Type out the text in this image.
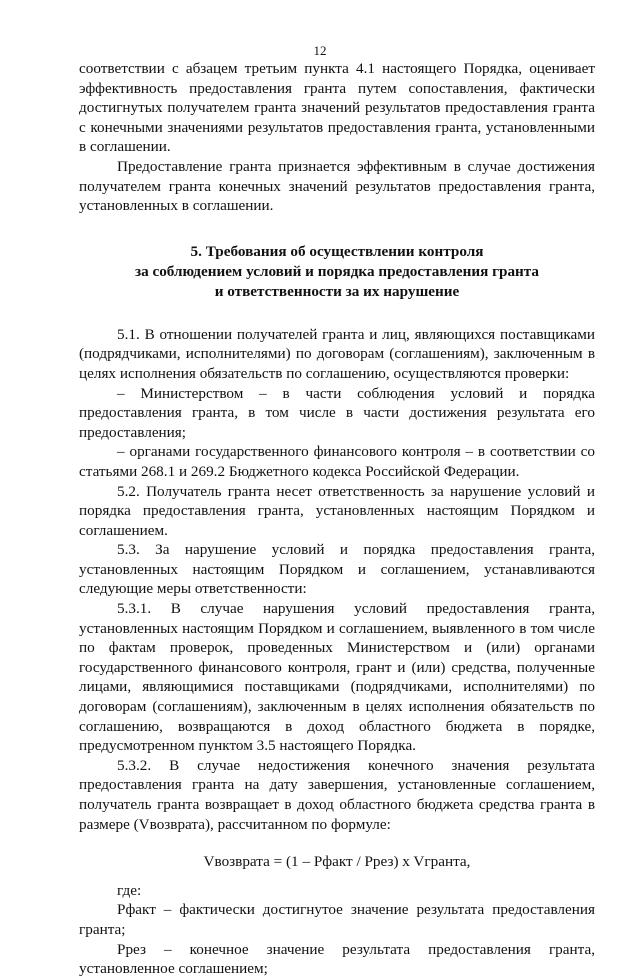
12

соответствии с абзацем третьим пункта 4.1 настоящего Порядка, оценивает эффективность предоставления гранта путем сопоставления, фактически достигнутых получателем гранта значений результатов предоставления гранта с конечными значениями результатов предоставления гранта, установленными в соглашении.

Предоставление гранта признается эффективным в случае достижения получателем гранта конечных значений результатов предоставления гранта, установленных в соглашении.

5. Требования об осуществлении контроля
за соблюдением условий и порядка предоставления гранта
и ответственности за их нарушение

5.1. В отношении получателей гранта и лиц, являющихся поставщиками (подрядчиками, исполнителями) по договорам (соглашениям), заключенным в целях исполнения обязательств по соглашению, осуществляются проверки:

– Министерством – в части соблюдения условий и порядка предоставления гранта, в том числе в части достижения результата его предоставления;

– органами государственного финансового контроля – в соответствии со статьями 268.1 и 269.2 Бюджетного кодекса Российской Федерации.

5.2. Получатель гранта несет ответственность за нарушение условий и порядка предоставления гранта, установленных настоящим Порядком и соглашением.

5.3. За нарушение условий и порядка предоставления гранта, установленных настоящим Порядком и соглашением, устанавливаются следующие меры ответственности:

5.3.1. В случае нарушения условий предоставления гранта, установленных настоящим Порядком и соглашением, выявленного в том числе по фактам проверок, проведенных Министерством и (или) органами государственного финансового контроля, грант и (или) средства, полученные лицами, являющимися поставщиками (подрядчиками, исполнителями) по договорам (соглашениям), заключенным в целях исполнения обязательств по соглашению, возвращаются в доход областного бюджета в порядке, предусмотренном пунктом 3.5 настоящего Порядка.

5.3.2. В случае недостижения конечного значения результата предоставления гранта на дату завершения, установленные соглашением, получатель гранта возвращает в доход областного бюджета средства гранта в размере (Vвозврата), рассчитанном по формуле:

Vвозврата = (1 – Рфакт / Рpез) x Vгранта,

где:

Рфакт – фактически достигнутое значение результата предоставления гранта;

Рpез – конечное значение результата предоставления гранта, установленное соглашением;
